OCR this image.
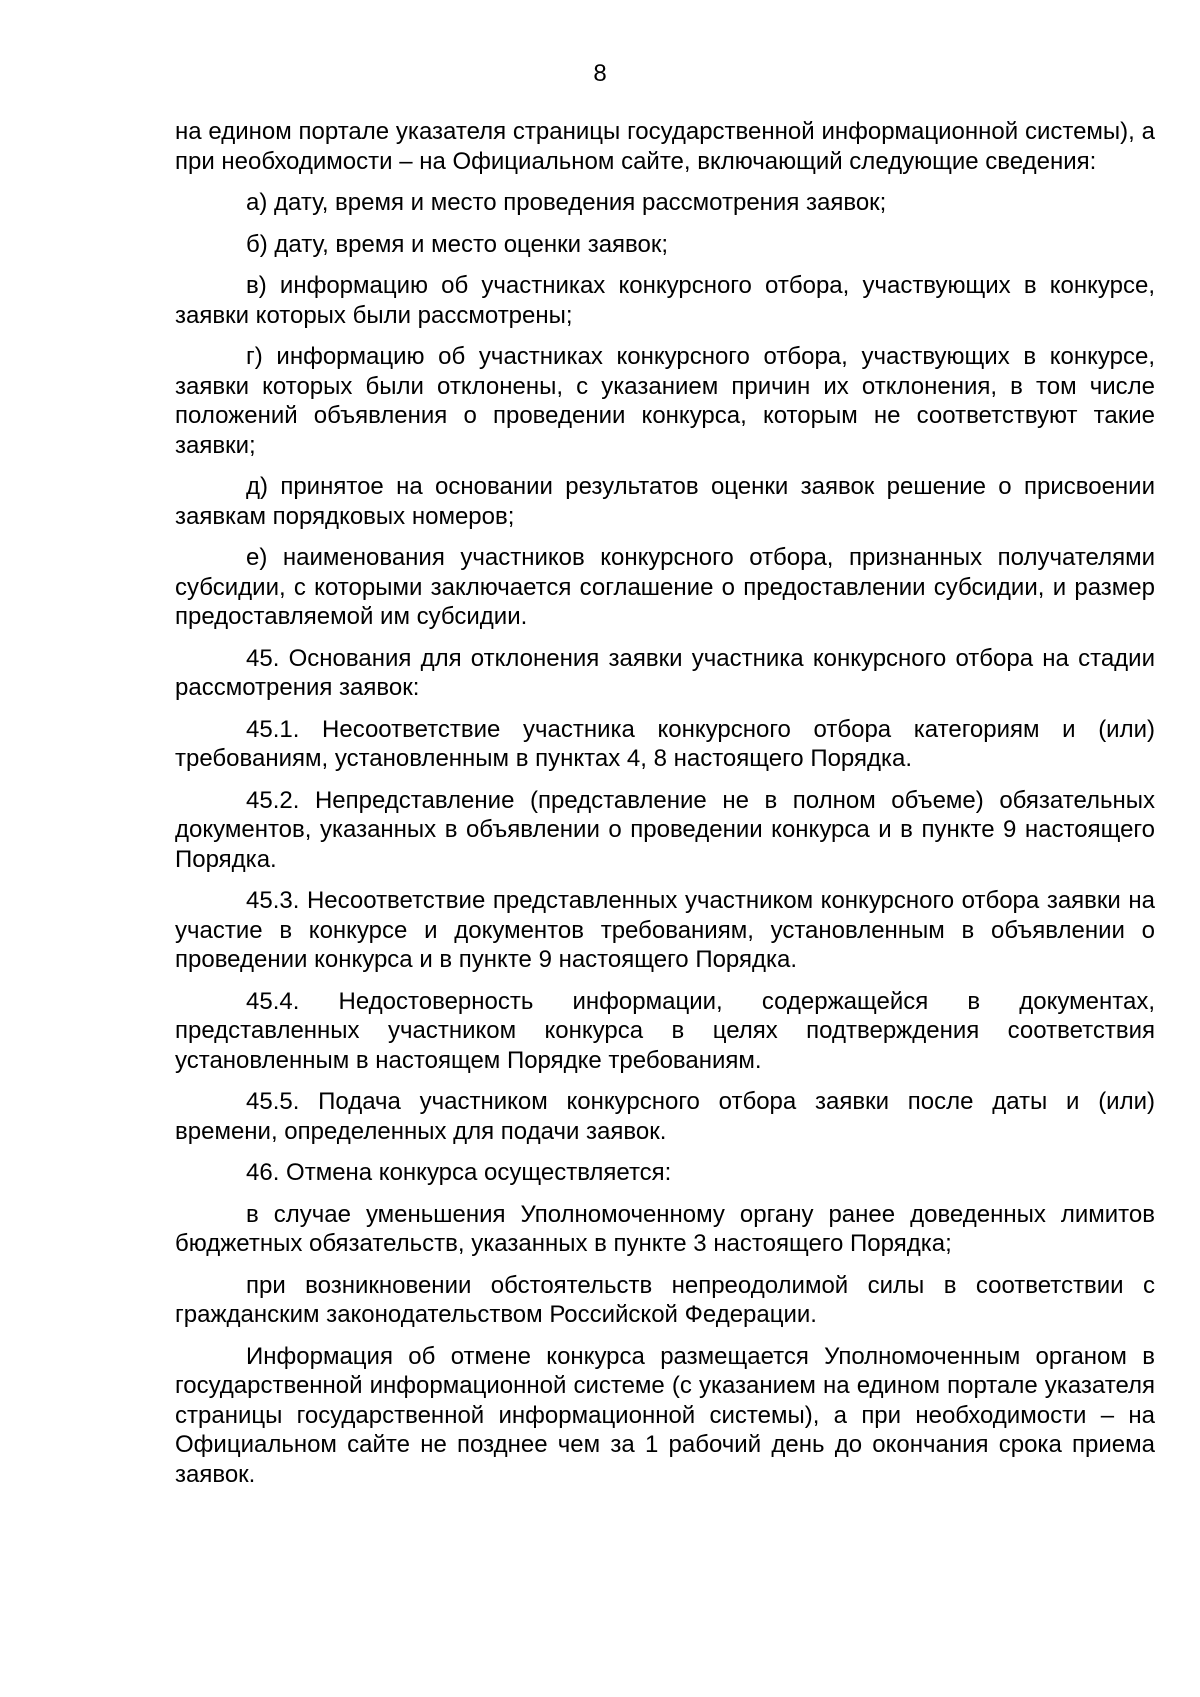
8

на едином портале указателя страницы государственной информационной системы), а при необходимости – на Официальном сайте, включающий следующие сведения:

а) дату, время и место проведения рассмотрения заявок;

б) дату, время и место оценки заявок;

в) информацию об участниках конкурсного отбора, участвующих в конкурсе, заявки которых были рассмотрены;

г) информацию об участниках конкурсного отбора, участвующих в конкурсе, заявки которых были отклонены, с указанием причин их отклонения, в том числе положений объявления о проведении конкурса, которым не соответствуют такие заявки;

д) принятое на основании результатов оценки заявок решение о присвоении заявкам порядковых номеров;

е) наименования участников конкурсного отбора, признанных получателями субсидии, с которыми заключается соглашение о предоставлении субсидии, и размер предоставляемой им субсидии.

45. Основания для отклонения заявки участника конкурсного отбора на стадии рассмотрения заявок:

45.1. Несоответствие участника конкурсного отбора категориям и (или) требованиям, установленным в пунктах 4, 8 настоящего Порядка.

45.2. Непредставление (представление не в полном объеме) обязательных документов, указанных в объявлении о проведении конкурса и в пункте 9 настоящего Порядка.

45.3. Несоответствие представленных участником конкурсного отбора заявки на участие в конкурсе и документов требованиям, установленным в объявлении о проведении конкурса и в пункте 9 настоящего Порядка.

45.4. Недостоверность информации, содержащейся в документах, представленных участником конкурса в целях подтверждения соответствия установленным в настоящем Порядке требованиям.

45.5. Подача участником конкурсного отбора заявки после даты и (или) времени, определенных для подачи заявок.

46. Отмена конкурса осуществляется:

в случае уменьшения Уполномоченному органу ранее доведенных лимитов бюджетных обязательств, указанных в пункте 3 настоящего Порядка;

при возникновении обстоятельств непреодолимой силы в соответствии с гражданским законодательством Российской Федерации.

Информация об отмене конкурса размещается Уполномоченным органом в государственной информационной системе (с указанием на едином портале указателя страницы государственной информационной системы), а при необходимости – на Официальном сайте не позднее чем за 1 рабочий день до окончания срока приема заявок.
